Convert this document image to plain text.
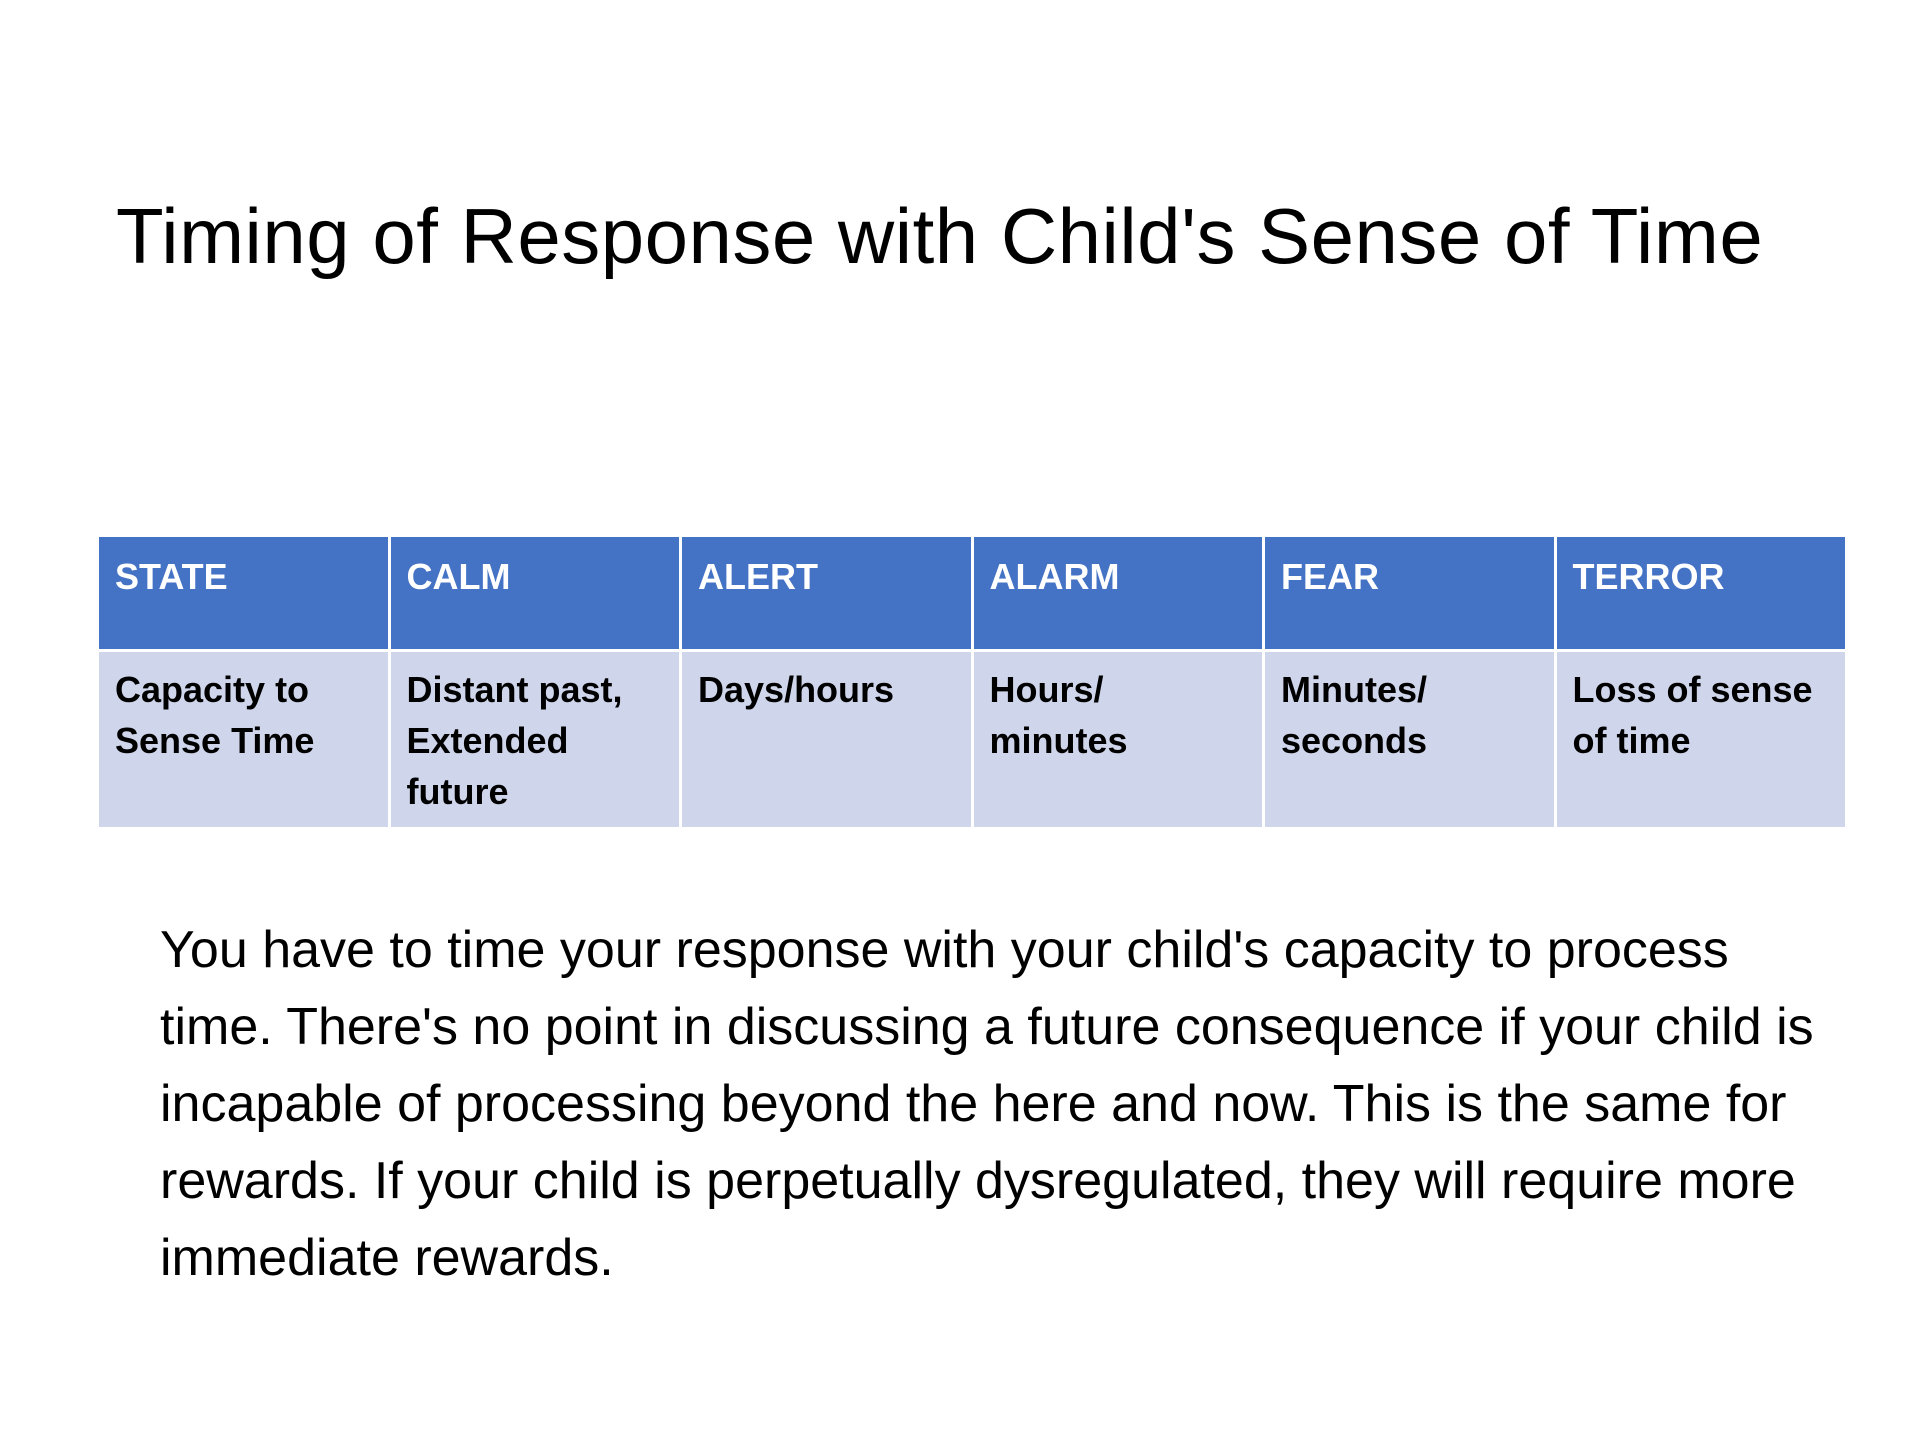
Timing of Response with Child's Sense of Time
STATE	CALM	ALERT	ALARM	FEAR	TERROR
Capacity to Sense Time	Distant past, Extended future	Days/hours	Hours/ minutes	Minutes/ seconds	Loss of sense of time

You have to time your response with your child's capacity to process time. There's no point in discussing a future consequence if your child is incapable of processing beyond the here and now. This is the same for rewards. If your child is perpetually dysregulated, they will require more immediate rewards.
